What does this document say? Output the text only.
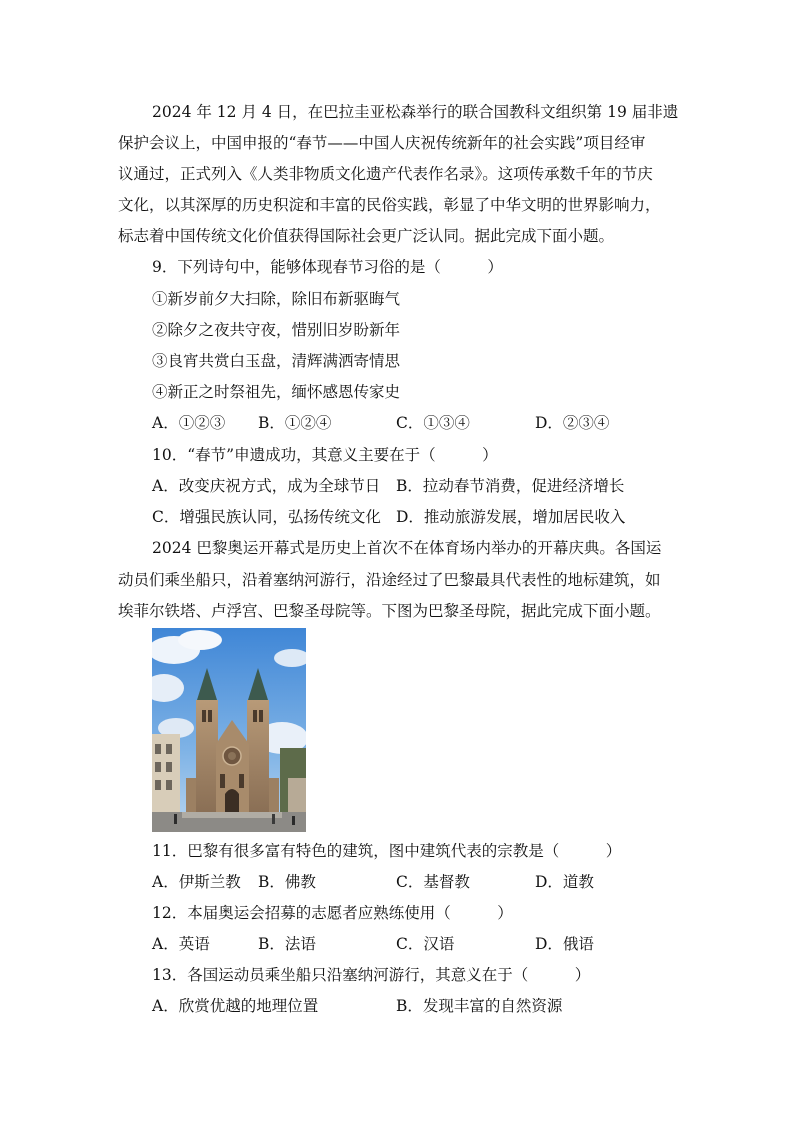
2024 年 12 月 4 日，在巴拉圭亚松森举行的联合国教科文组织第 19 届非遗
保护会议上，中国申报的“春节——中国人庆祝传统新年的社会实践”项目经审
议通过，正式列入《人类非物质文化遗产代表作名录》。这项传承数千年的节庆
文化，以其深厚的历史积淀和丰富的民俗实践，彰显了中华文明的世界影响力，
标志着中国传统文化价值获得国际社会更广泛认同。据此完成下面小题。
9．下列诗句中，能够体现春节习俗的是（　　　）
①新岁前夕大扫除，除旧布新驱晦气
②除夕之夜共守夜，惜别旧岁盼新年
③良宵共赏白玉盘，清辉满洒寄情思
④新正之时祭祖先，缅怀感恩传家史
A．①②③ B．①②④	C．①③④	D．②③④
10．“春节”申遗成功，其意义主要在于（　　　）
A．改变庆祝方式，成为全球节日 B．拉动春节消费，促进经济增长
C．增强民族认同，弘扬传统文化 D．推动旅游发展，增加居民收入
2024 巴黎奥运开幕式是历史上首次不在体育场内举办的开幕庆典。各国运
动员们乘坐船只，沿着塞纳河游行，沿途经过了巴黎最具代表性的地标建筑，如
埃菲尔铁塔、卢浮宫、巴黎圣母院等。下图为巴黎圣母院，据此完成下面小题。
11．巴黎有很多富有特色的建筑，图中建筑代表的宗教是（　　　）
A．伊斯兰教 B．佛教	C．基督教	D．道教
12．本届奥运会招募的志愿者应熟练使用（　　　）
A．英语	B．法语	C．汉语	D．俄语
13．各国运动员乘坐船只沿塞纳河游行，其意义在于（　　　）
A．欣赏优越的地理位置	B．发现丰富的自然资源
